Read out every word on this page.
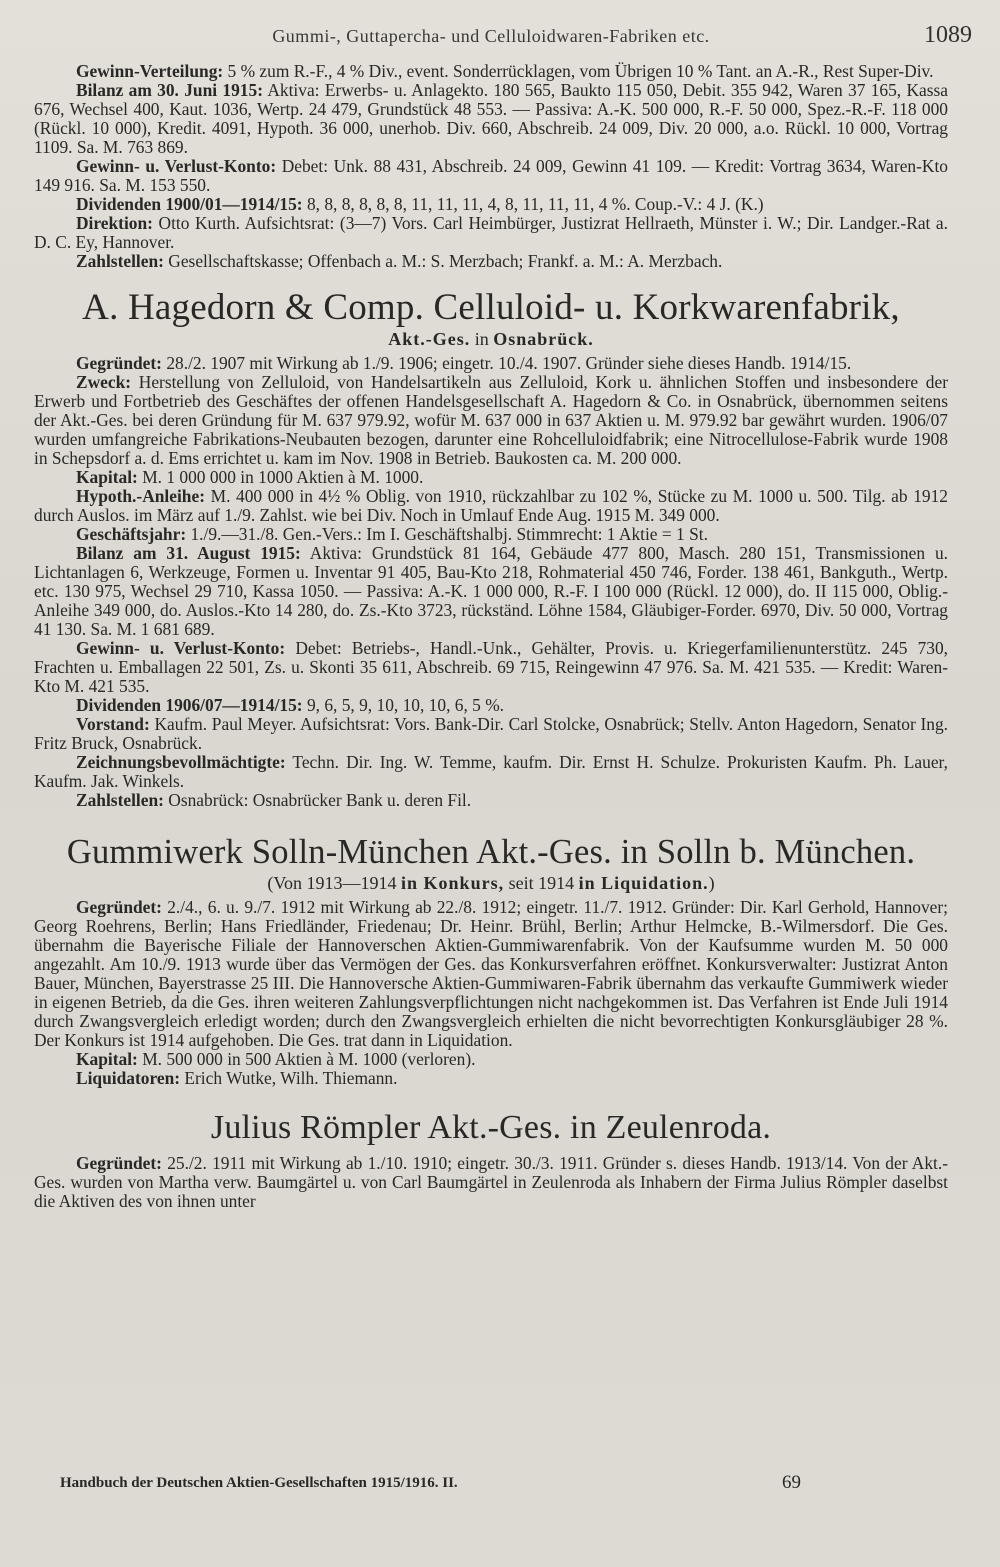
Gummi-, Guttapercha- und Celluloidwaren-Fabriken etc.	1089

Gewinn-Verteilung: 5 % zum R.-F., 4 % Div., event. Sonderrücklagen, vom Übrigen 10 % Tant. an A.-R., Rest Super-Div.

Bilanz am 30. Juni 1915: Aktiva: Erwerbs- u. Anlagekto. 180 565, Baukto 115 050, Debit. 355 942, Waren 37 165, Kassa 676, Wechsel 400, Kaut. 1036, Wertp. 24 479, Grundstück 48 553. — Passiva: A.-K. 500 000, R.-F. 50 000, Spez.-R.-F. 118 000 (Rückl. 10 000), Kredit. 4091, Hypoth. 36 000, unerhob. Div. 660, Abschreib. 24 009, Div. 20 000, a.o. Rückl. 10 000, Vortrag 1109. Sa. M. 763 869.

Gewinn- u. Verlust-Konto: Debet: Unk. 88 431, Abschreib. 24 009, Gewinn 41 109. — Kredit: Vortrag 3634, Waren-Kto 149 916. Sa. M. 153 550.

Dividenden 1900/01—1914/15: 8, 8, 8, 8, 8, 8, 11, 11, 11, 4, 8, 11, 11, 11, 4 %. Coup.-V.: 4 J. (K.)

Direktion: Otto Kurth. Aufsichtsrat: (3—7) Vors. Carl Heimbürger, Justizrat Hellraeth, Münster i. W.; Dir. Landger.-Rat a. D. C. Ey, Hannover.

Zahlstellen: Gesellschaftskasse; Offenbach a. M.: S. Merzbach; Frankf. a. M.: A. Merzbach.

A. Hagedorn & Comp. Celluloid- u. Korkwarenfabrik,
Akt.-Ges. in Osnabrück.

Gegründet: 28./2. 1907 mit Wirkung ab 1./9. 1906; eingetr. 10./4. 1907. Gründer siehe dieses Handb. 1914/15.

Zweck: Herstellung von Zelluloid, von Handelsartikeln aus Zelluloid, Kork u. ähnlichen Stoffen und insbesondere der Erwerb und Fortbetrieb des Geschäftes der offenen Handelsgesellschaft A. Hagedorn & Co. in Osnabrück, übernommen seitens der Akt.-Ges. bei deren Gründung für M. 637 979.92, wofür M. 637 000 in 637 Aktien u. M. 979.92 bar gewährt wurden. 1906/07 wurden umfangreiche Fabrikations-Neubauten bezogen, darunter eine Rohcelluloidfabrik; eine Nitrocellulose-Fabrik wurde 1908 in Schepsdorf a. d. Ems errichtet u. kam im Nov. 1908 in Betrieb. Baukosten ca. M. 200 000.

Kapital: M. 1 000 000 in 1000 Aktien à M. 1000.

Hypoth.-Anleihe: M. 400 000 in 4½ % Oblig. von 1910, rückzahlbar zu 102 %, Stücke zu M. 1000 u. 500. Tilg. ab 1912 durch Auslos. im März auf 1./9. Zahlst. wie bei Div. Noch in Umlauf Ende Aug. 1915 M. 349 000.

Geschäftsjahr: 1./9.—31./8. Gen.-Vers.: Im I. Geschäftshalbj. Stimmrecht: 1 Aktie = 1 St.

Bilanz am 31. August 1915: Aktiva: Grundstück 81 164, Gebäude 477 800, Masch. 280 151, Transmissionen u. Lichtanlagen 6, Werkzeuge, Formen u. Inventar 91 405, Bau-Kto 218, Rohmaterial 450 746, Forder. 138 461, Bankguth., Wertp. etc. 130 975, Wechsel 29 710, Kassa 1050. — Passiva: A.-K. 1 000 000, R.-F. I 100 000 (Rückl. 12 000), do. II 115 000, Oblig.-Anleihe 349 000, do. Auslos.-Kto 14 280, do. Zs.-Kto 3723, rückständ. Löhne 1584, Gläubiger-Forder. 6970, Div. 50 000, Vortrag 41 130. Sa. M. 1 681 689.

Gewinn- u. Verlust-Konto: Debet: Betriebs-, Handl.-Unk., Gehälter, Provis. u. Kriegerfamilienunterstütz. 245 730, Frachten u. Emballagen 22 501, Zs. u. Skonti 35 611, Abschreib. 69 715, Reingewinn 47 976. Sa. M. 421 535. — Kredit: Waren-Kto M. 421 535.

Dividenden 1906/07—1914/15: 9, 6, 5, 9, 10, 10, 10, 6, 5 %.

Vorstand: Kaufm. Paul Meyer. Aufsichtsrat: Vors. Bank-Dir. Carl Stolcke, Osnabrück; Stellv. Anton Hagedorn, Senator Ing. Fritz Bruck, Osnabrück.

Zeichnungsbevollmächtigte: Techn. Dir. Ing. W. Temme, kaufm. Dir. Ernst H. Schulze. Prokuristen Kaufm. Ph. Lauer, Kaufm. Jak. Winkels.

Zahlstellen: Osnabrück: Osnabrücker Bank u. deren Fil.

Gummiwerk Solln-München Akt.-Ges. in Solln b. München.
(Von 1913—1914 in Konkurs, seit 1914 in Liquidation.)

Gegründet: 2./4., 6. u. 9./7. 1912 mit Wirkung ab 22./8. 1912; eingetr. 11./7. 1912. Gründer: Dir. Karl Gerhold, Hannover; Georg Roehrens, Berlin; Hans Friedländer, Friedenau; Dr. Heinr. Brühl, Berlin; Arthur Helmcke, B.-Wilmersdorf. Die Ges. übernahm die Bayerische Filiale der Hannoverschen Aktien-Gummiwarenfabrik. Von der Kaufsumme wurden M. 50 000 angezahlt. Am 10./9. 1913 wurde über das Vermögen der Ges. das Konkursverfahren eröffnet. Konkursverwalter: Justizrat Anton Bauer, München, Bayerstrasse 25 III. Die Hannoversche Aktien-Gummiwaren-Fabrik übernahm das verkaufte Gummiwerk wieder in eigenen Betrieb, da die Ges. ihren weiteren Zahlungsverpflichtungen nicht nachgekommen ist. Das Verfahren ist Ende Juli 1914 durch Zwangsvergleich erledigt worden; durch den Zwangsvergleich erhielten die nicht bevorrechtigten Konkursgläubiger 28 %. Der Konkurs ist 1914 aufgehoben. Die Ges. trat dann in Liquidation.

Kapital: M. 500 000 in 500 Aktien à M. 1000 (verloren).

Liquidatoren: Erich Wutke, Wilh. Thiemann.

Julius Römpler Akt.-Ges. in Zeulenroda.

Gegründet: 25./2. 1911 mit Wirkung ab 1./10. 1910; eingetr. 30./3. 1911. Gründer s. dieses Handb. 1913/14. Von der Akt.-Ges. wurden von Martha verw. Baumgärtel u. von Carl Baumgärtel in Zeulenroda als Inhabern der Firma Julius Römpler daselbst die Aktiven des von ihnen unter

Handbuch der Deutschen Aktien-Gesellschaften 1915/1916. II.	69
